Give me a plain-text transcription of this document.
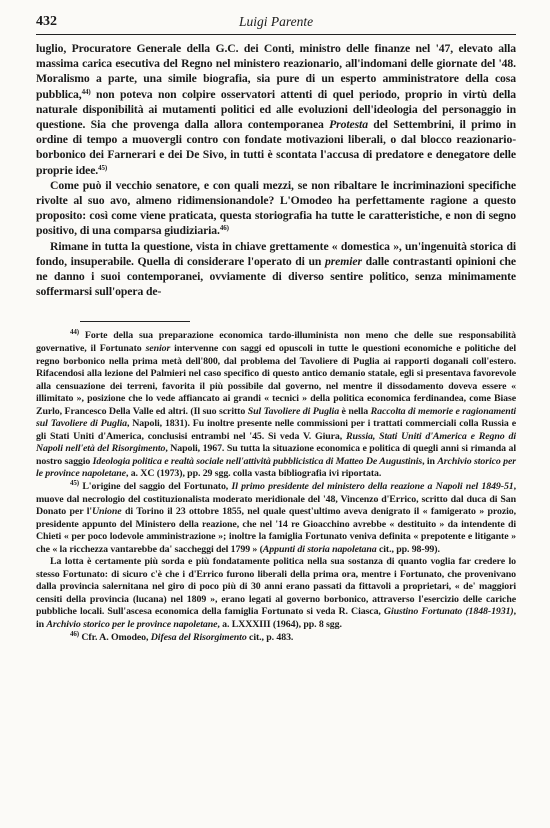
432	Luigi Parente

luglio, Procuratore Generale della G.C. dei Conti, ministro delle finanze nel '47, elevato alla massima carica esecutiva del Regno nel ministero reazionario, all'indomani delle giornate del '48. Moralismo a parte, una simile biografia, sia pure di un esperto amministratore della cosa pubblica,$^{44)}$ non poteva non colpire osservatori attenti di quel periodo, proprio in virtù della naturale disponibilità ai mutamenti politici ed alle evoluzioni dell'ideologia del personaggio in questione. Sia che provenga dalla allora contemporanea Protesta del Settembrini, il primo in ordine di tempo a muovergli contro con fondate motivazioni liberali, o dal blocco reazionario-borbonico dei Farnerari e dei De Sivo, in tutti è scontata l'accusa di predatore e denegatore delle proprie idee.$^{45)}$

Come può il vecchio senatore, e con quali mezzi, se non ribaltare le incriminazioni specifiche rivolte al suo avo, almeno ridimensionandole? L'Omodeo ha perfettamente ragione a questo proposito: così come viene praticata, questa storiografia ha tutte le caratteristiche, e non di segno positivo, di una comparsa giudiziaria.$^{46)}$

Rimane in tutta la questione, vista in chiave grettamente « domestica », un'ingenuità storica di fondo, insuperabile. Quella di considerare l'operato di un premier dalle contrastanti opinioni che ne danno i suoi contemporanei, ovviamente di diverso sentire politico, senza minimamente soffermarsi sull'opera de-

$^{44)}$ Forte della sua preparazione economica tardo-illuminista non meno che delle sue responsabilità governative, il Fortunato senior intervenne con saggi ed opuscoli in tutte le questioni economiche e politiche del regno borbonico nella prima metà dell'800, dal problema del Tavoliere di Puglia ai rapporti doganali coll'estero. Rifacendosi alla lezione del Palmieri nel caso specifico di questo antico demanio statale, egli si presentava favorevole alla censuazione dei terreni, favorita il più possibile dal governo, nel mentre il dissodamento doveva essere « illimitato », posizione che lo vede affiancato ai grandi « tecnici » della politica economica ferdinandea, come Biase Zurlo, Francesco Della Valle ed altri. (Il suo scritto Sul Tavoliere di Puglia è nella Raccolta di memorie e ragionamenti sul Tavoliere di Puglia, Napoli, 1831). Fu inoltre presente nelle commissioni per i trattati commerciali colla Russia e gli Stati Uniti d'America, conclusisi entrambi nel '45. Si veda V. Giura, Russia, Stati Uniti d'America e Regno di Napoli nell'età del Risorgimento, Napoli, 1967. Su tutta la situazione economica e politica di quegli anni si rimanda al nostro saggio Ideologia politica e realtà sociale nell'attività pubblicistica di Matteo De Augustinis, in Archivio storico per le province napoletane, a. XC (1973), pp. 29 sgg. colla vasta bibliografia ivi riportata.

$^{45)}$ L'origine del saggio del Fortunato, Il primo presidente del ministero della reazione a Napoli nel 1849-51, muove dal necrologio del costituzionalista moderato meridionale del '48, Vincenzo d'Errico, scritto dal duca di San Donato per l'Unione di Torino il 23 ottobre 1855, nel quale quest'ultimo aveva denigrato il « famigerato » prozio, presidente appunto del Ministero della reazione, che nel '14 re Gioacchino avrebbe « destituito » da intendente di Chieti « per poco lodevole amministrazione »; inoltre la famiglia Fortunato veniva definita « prepotente e litigante » che « la ricchezza vantarebbe da' saccheggi del 1799 » (Appunti di storia napoletana cit., pp. 98-99).

La lotta è certamente più sorda e più fondatamente politica nella sua sostanza di quanto voglia far credere lo stesso Fortunato: di sicuro c'è che i d'Errico furono liberali della prima ora, mentre i Fortunato, che provenivano dalla provincia salernitana nel giro di poco più di 30 anni erano passati da fittavoli a proprietari, « de' maggiori censiti della provincia (lucana) nel 1809 », erano legati al governo borbonico, attraverso l'esercizio delle cariche pubbliche locali. Sull'ascesa economica della famiglia Fortunato si veda R. Ciasca, Giustino Fortunato (1848-1931), in Archivio storico per le province napoletane, a. LXXXIII (1964), pp. 8 sgg.

$^{46)}$ Cfr. A. Omodeo, Difesa del Risorgimento cit., p. 483.
